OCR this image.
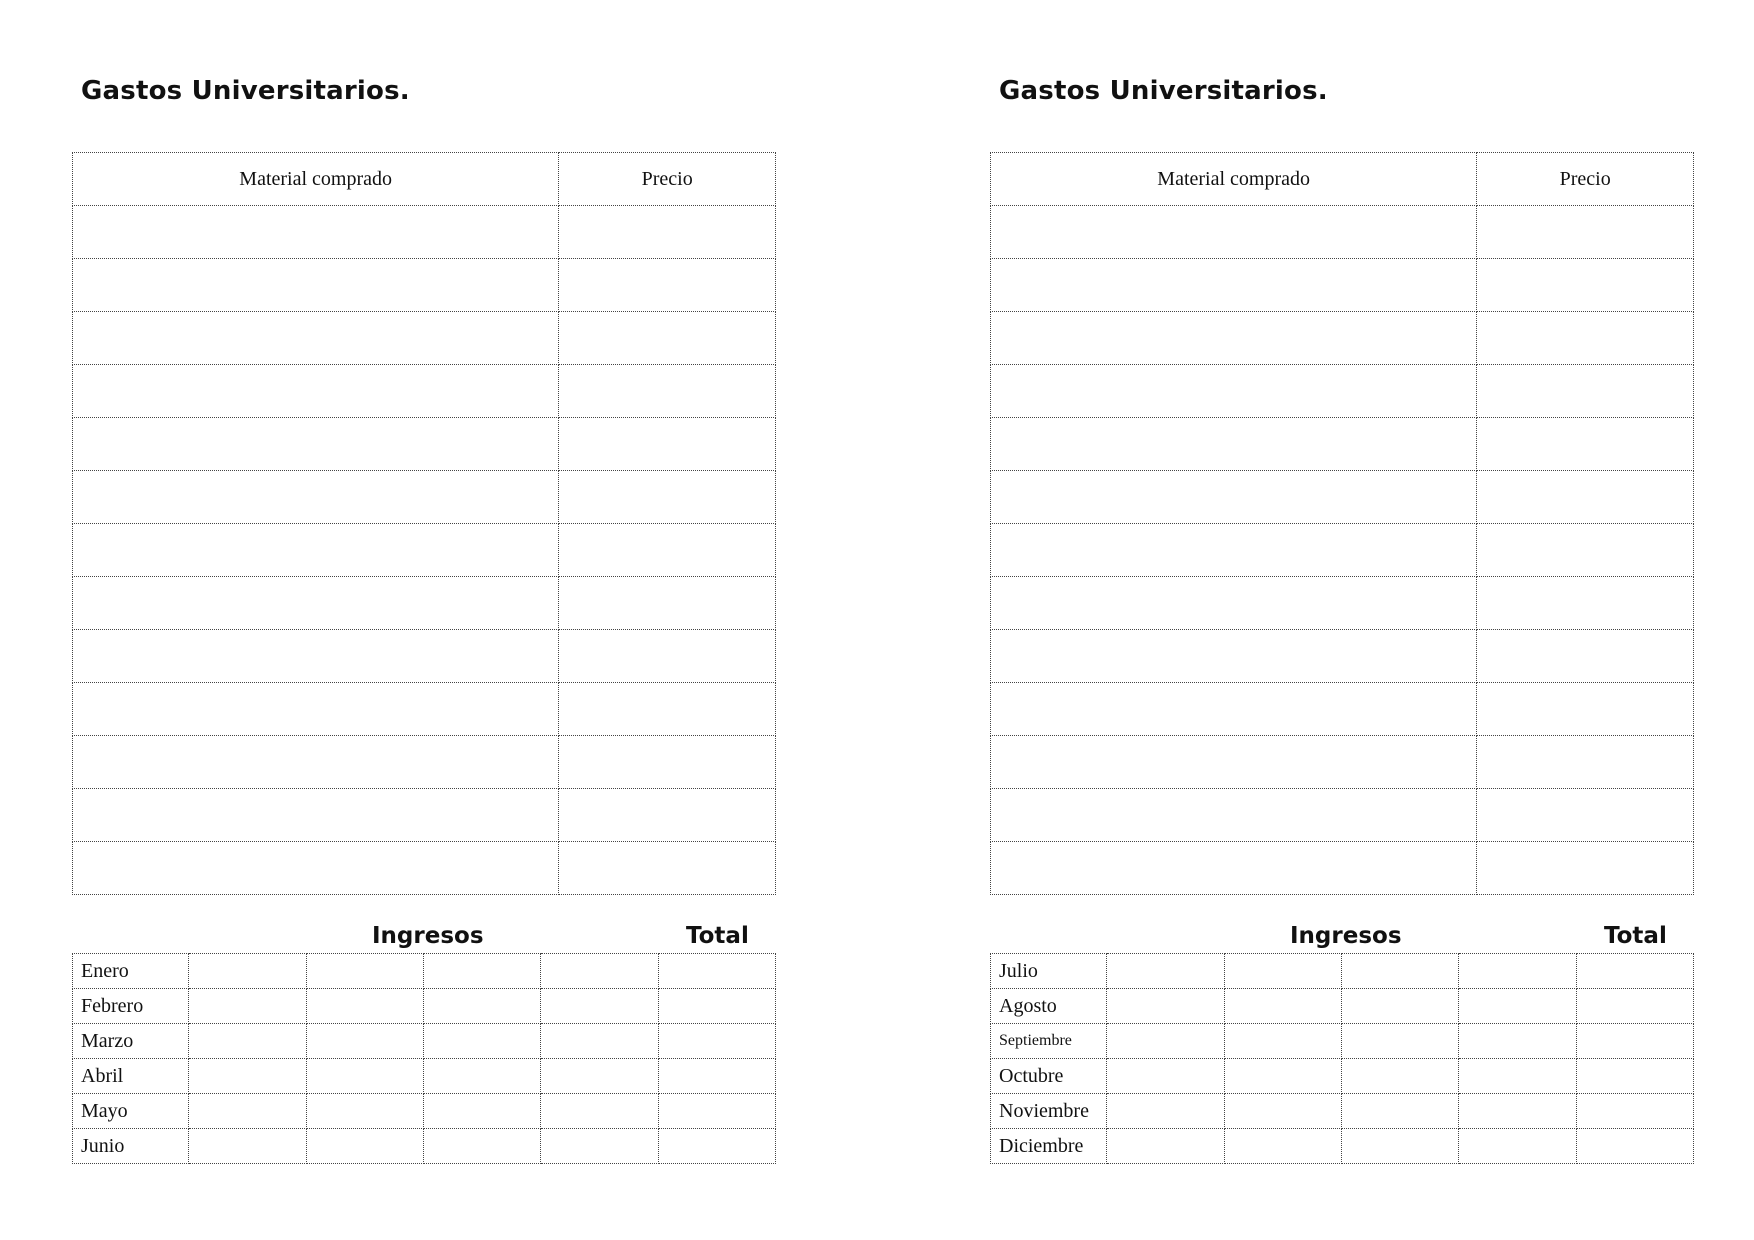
Gastos Universitarios.
Material comprado	Precio

Ingresos	Total
Enero					
Febrero					
Marzo					
Abril					
Mayo					
Junio					
Gastos Universitarios.
Material comprado	Precio

Ingresos	Total
Julio					
Agosto					
Septiembre					
Octubre					
Noviembre					
Diciembre					
